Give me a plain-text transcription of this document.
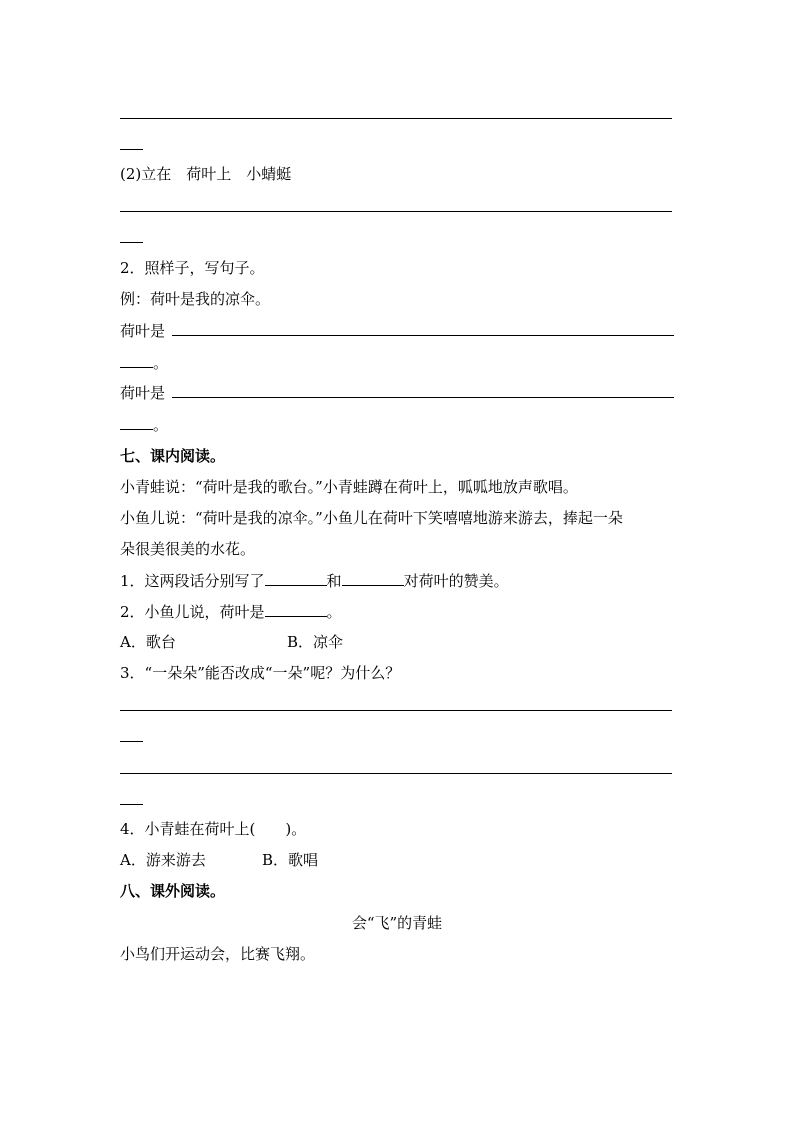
(2)立在　荷叶上　小蜻蜓
2．照样子，写句子。
例：荷叶是我的凉伞。
荷叶是
。
荷叶是
。
七、课内阅读。
小青蛙说：“荷叶是我的歌台。”小青蛙蹲在荷叶上，呱呱地放声歌唱。
小鱼儿说：“荷叶是我的凉伞。”小鱼儿在荷叶下笑嘻嘻地游来游去，捧起一朵
朵很美很美的水花。
1．这两段话分别写了	和	对荷叶的赞美。
2．小鱼儿说，荷叶是	。
A．歌台	B．凉伞
3．“一朵朵”能否改成“一朵”呢？为什么？
4．小青蛙在荷叶上(　　)。
A．游来游去	B．歌唱
八、课外阅读。
会“飞”的青蛙
小鸟们开运动会，比赛飞翔。
